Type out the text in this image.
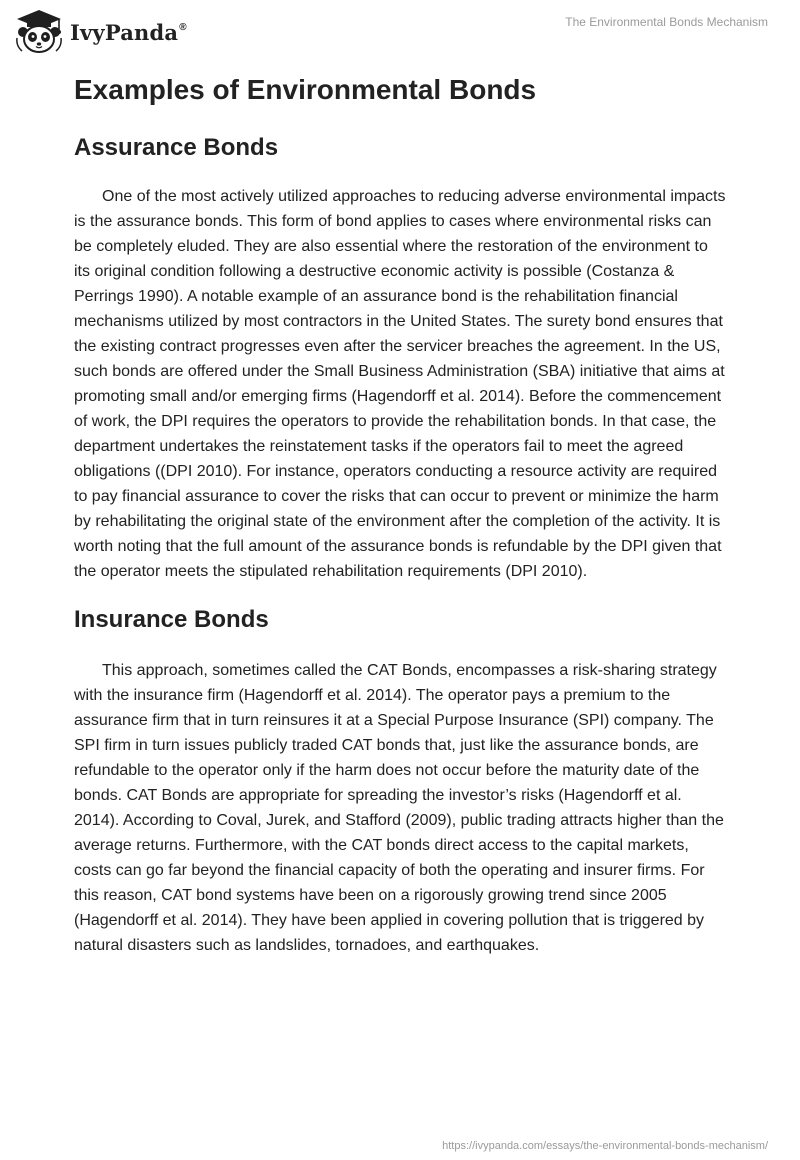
IvyPanda®	The Environmental Bonds Mechanism
Examples of Environmental Bonds
Assurance Bonds

One of the most actively utilized approaches to reducing adverse environmental impacts is the assurance bonds. This form of bond applies to cases where environmental risks can be completely eluded. They are also essential where the restoration of the environment to its original condition following a destructive economic activity is possible (Costanza & Perrings 1990). A notable example of an assurance bond is the rehabilitation financial mechanisms utilized by most contractors in the United States. The surety bond ensures that the existing contract progresses even after the servicer breaches the agreement. In the US, such bonds are offered under the Small Business Administration (SBA) initiative that aims at promoting small and/or emerging firms (Hagendorff et al. 2014). Before the commencement of work, the DPI requires the operators to provide the rehabilitation bonds. In that case, the department undertakes the reinstatement tasks if the operators fail to meet the agreed obligations ((DPI 2010). For instance, operators conducting a resource activity are required to pay financial assurance to cover the risks that can occur to prevent or minimize the harm by rehabilitating the original state of the environment after the completion of the activity. It is worth noting that the full amount of the assurance bonds is refundable by the DPI given that the operator meets the stipulated rehabilitation requirements (DPI 2010).

Insurance Bonds

This approach, sometimes called the CAT Bonds, encompasses a risk-sharing strategy with the insurance firm (Hagendorff et al. 2014). The operator pays a premium to the assurance firm that in turn reinsures it at a Special Purpose Insurance (SPI) company. The SPI firm in turn issues publicly traded CAT bonds that, just like the assurance bonds, are refundable to the operator only if the harm does not occur before the maturity date of the bonds. CAT Bonds are appropriate for spreading the investor’s risks (Hagendorff et al. 2014). According to Coval, Jurek, and Stafford (2009), public trading attracts higher than the average returns. Furthermore, with the CAT bonds direct access to the capital markets, costs can go far beyond the financial capacity of both the operating and insurer firms. For this reason, CAT bond systems have been on a rigorously growing trend since 2005 (Hagendorff et al. 2014). They have been applied in covering pollution that is triggered by natural disasters such as landslides, tornadoes, and earthquakes.

https://ivypanda.com/essays/the-environmental-bonds-mechanism/
